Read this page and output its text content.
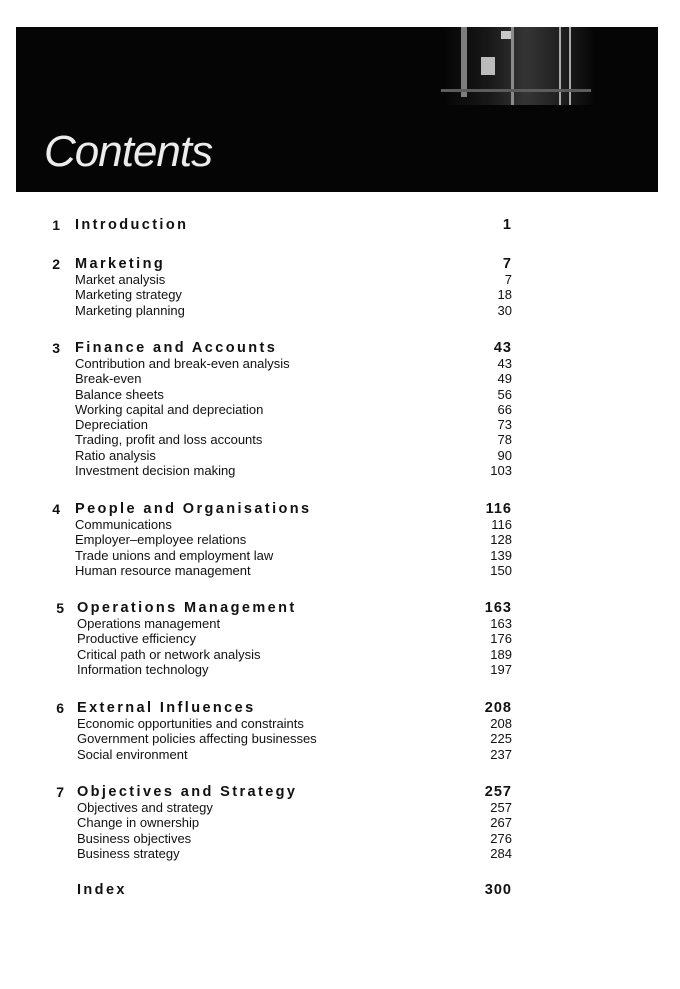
Contents
1 Introduction	1
2 Marketing	7
Market analysis	7
Marketing strategy	18
Marketing planning	30
3 Finance and Accounts	43
Contribution and break-even analysis	43
Break-even	49
Balance sheets	56
Working capital and depreciation	66
Depreciation	73
Trading, profit and loss accounts	78
Ratio analysis	90
Investment decision making	103
4 People and Organisations	116
Communications	116
Employer–employee relations	128
Trade unions and employment law	139
Human resource management	150
5 Operations Management	163
Operations management	163
Productive efficiency	176
Critical path or network analysis	189
Information technology	197
6 External Influences	208
Economic opportunities and constraints	208
Government policies affecting businesses	225
Social environment	237
7 Objectives and Strategy	257
Objectives and strategy	257
Change in ownership	267
Business objectives	276
Business strategy	284
Index	300
